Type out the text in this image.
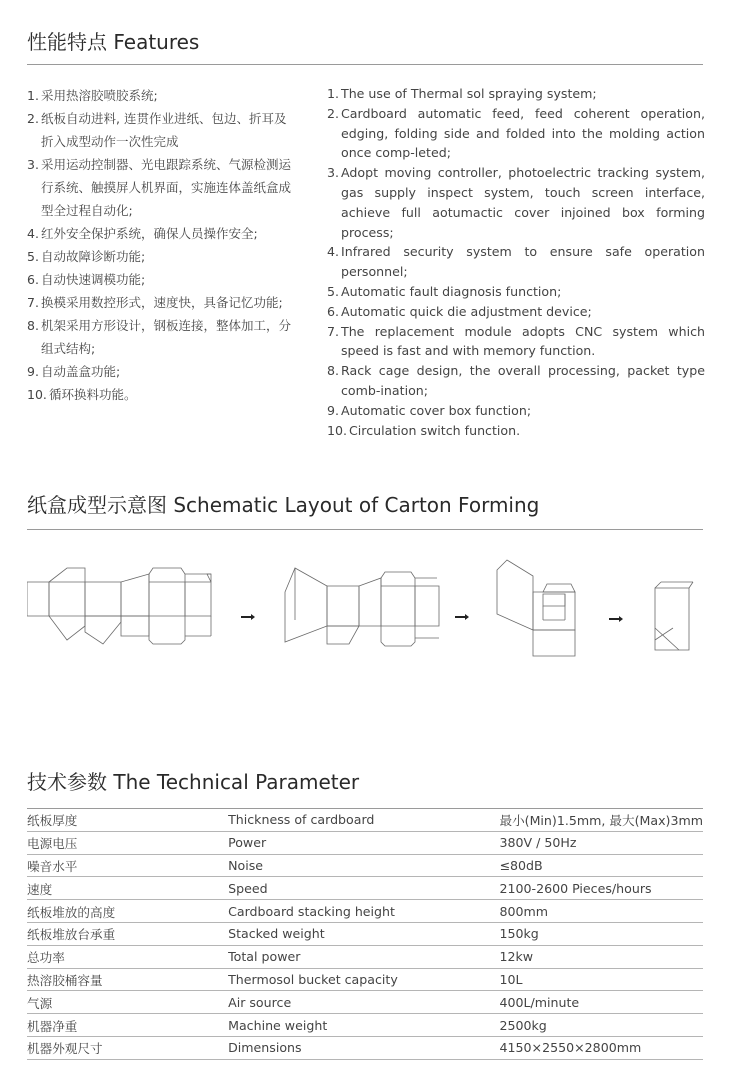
性能特点 Features
1. 采用热溶胶喷胶系统;
2. 纸板自动进料, 连贯作业进纸、包边、折耳及折入成型动作一次性完成
3. 采用运动控制器、光电跟踪系统、气源检测运行系统、触摸屏人机界面，实施连体盖纸盒成型全过程自动化;
4. 红外安全保护系统，确保人员操作安全;
5. 自动故障诊断功能;
6. 自动快速调模功能;
7. 换模采用数控形式，速度快，具备记忆功能;
8. 机架采用方形设计，钢板连接，整体加工，分组式结构;
9. 自动盖盒功能;
10. 循环换料功能。
1. The use of Thermal sol spraying system;
2. Cardboard automatic feed, feed coherent operation, edging, folding side and folded into the molding action once comp-leted;
3. Adopt moving controller, photoelectric tracking system, gas supply inspect system, touch screen interface, achieve full aotumactic cover injoined box forming process;
4. Infrared security system to ensure safe operation personnel;
5. Automatic fault diagnosis function;
6. Automatic quick die adjustment device;
7. The replacement module adopts CNC system which speed is fast and with memory function.
8. Rack cage design, the overall processing, packet type comb-ination;
9. Automatic cover box function;
10. Circulation switch function.
纸盒成型示意图 Schematic Layout of Carton Forming
技术参数 The Technical Parameter
纸板厚度	Thickness of cardboard	最小(Min)1.5mm, 最大(Max)3mm
电源电压	Power	380V / 50Hz
噪音水平	Noise	≤80dB
速度	Speed	2100-2600 Pieces/hours
纸板堆放的高度	Cardboard stacking height	800mm
纸板堆放台承重	Stacked weight	150kg
总功率	Total power	12kw
热溶胶桶容量	Thermosol bucket capacity	10L
气源	Air source	400L/minute
机器净重	Machine weight	2500kg
机器外观尺寸	Dimensions	4150×2550×2800mm
